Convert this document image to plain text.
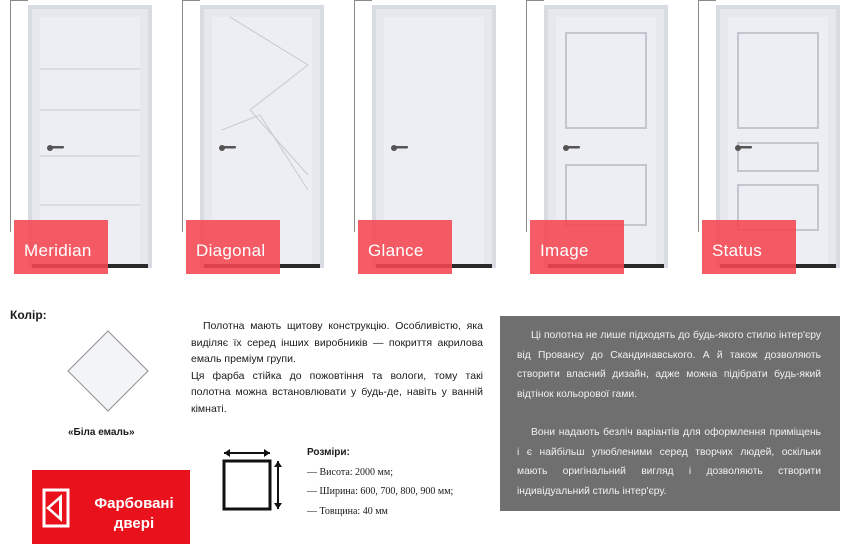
Meridian	Diagonal	Glance	Image	Status
Колір:
«Біла емаль»

Полотна мають щитову конструкцію. Особливістю, яка виділяє їх серед інших виробників — покриття акрилова емаль преміум групи.

Ця фарба стійка до пожовтіння та вологи, тому такі полотна можна встановлювати у будь-де, навіть у ванній кімнаті.

Розміри:
— Висота: 2000 мм;
— Ширина: 600, 700, 800, 900 мм;
— Товщина: 40 мм
Фарбовані
двері

Ці полотна не лише підходять до будь-якого стилю інтер'єру від Провансу до Скандинавського. А й також дозволяють створити власний дизайн, адже можна підібрати будь-який відтінок кольорової гами.

Вони надають безліч варіантів для оформлення приміщень і є найбільш улюбленими серед творчих людей, оскільки мають оригінальний вигляд і дозволяють створити індивідуальний стиль інтер'єру.
